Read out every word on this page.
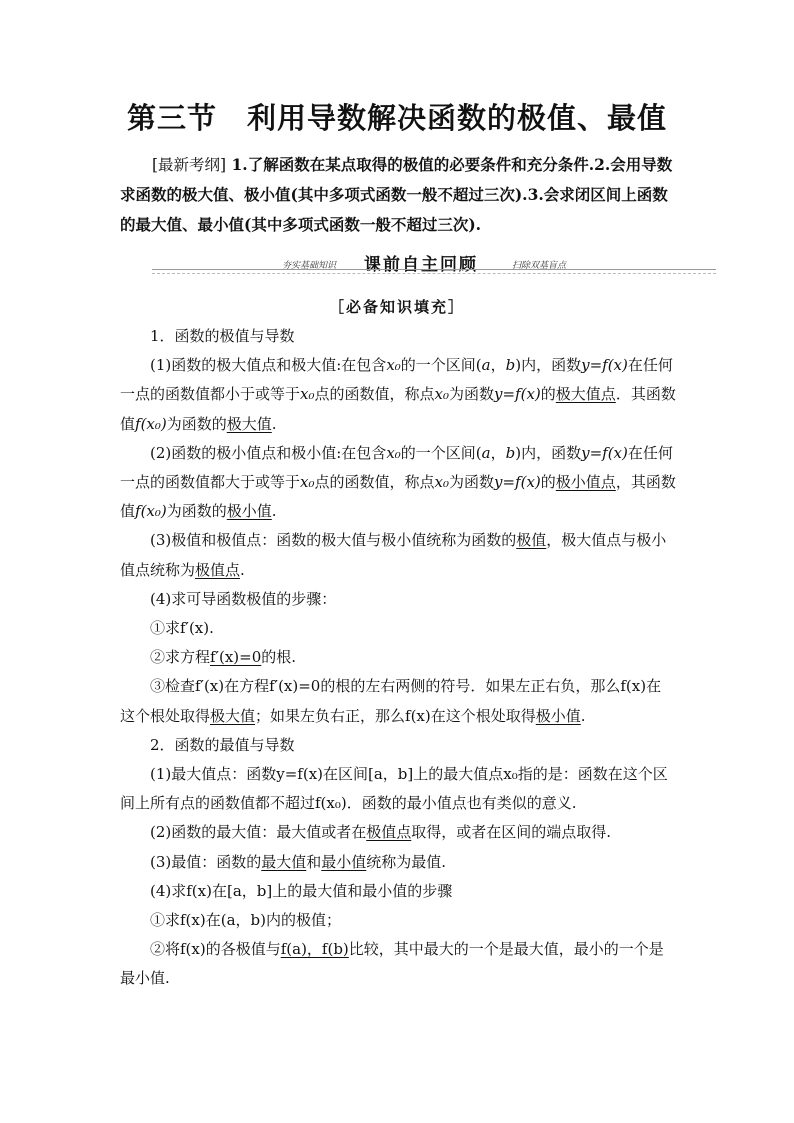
第三节　利用导数解决函数的极值、最值
[最新考纲] 1.了解函数在某点取得的极值的必要条件和充分条件.2.会用导数求函数的极大值、极小值(其中多项式函数一般不超过三次).3.会求闭区间上函数的最大值、最小值(其中多项式函数一般不超过三次).
夯实基础知识 课前自主回顾	扫除双基盲点
［必备知识填充］

1．函数的极值与导数

(1)函数的极大值点和极大值:在包含x₀的一个区间(a，b)内，函数y=f(x)在任何一点的函数值都小于或等于x₀点的函数值，称点x₀为函数y=f(x)的极大值点．其函数值f(x₀)为函数的极大值.

(2)函数的极小值点和极小值:在包含x₀的一个区间(a，b)内，函数y=f(x)在任何一点的函数值都大于或等于x₀点的函数值，称点x₀为函数y=f(x)的极小值点，其函数值f(x₀)为函数的极小值.

(3)极值和极值点：函数的极大值与极小值统称为函数的极值，极大值点与极小值点统称为极值点.

(4)求可导函数极值的步骤：

①求f′(x).

②求方程f′(x)=0的根.

③检查f′(x)在方程f′(x)=0的根的左右两侧的符号．如果左正右负，那么f(x)在这个根处取得极大值；如果左负右正，那么f(x)在这个根处取得极小值.

2．函数的最值与导数

(1)最大值点：函数y=f(x)在区间[a，b]上的最大值点x₀指的是：函数在这个区间上所有点的函数值都不超过f(x₀)．函数的最小值点也有类似的意义.

(2)函数的最大值：最大值或者在极值点取得，或者在区间的端点取得.

(3)最值：函数的最大值和最小值统称为最值.

(4)求f(x)在[a，b]上的最大值和最小值的步骤

①求f(x)在(a，b)内的极值；

②将f(x)的各极值与f(a)，f(b)比较，其中最大的一个是最大值，最小的一个是最小值.
